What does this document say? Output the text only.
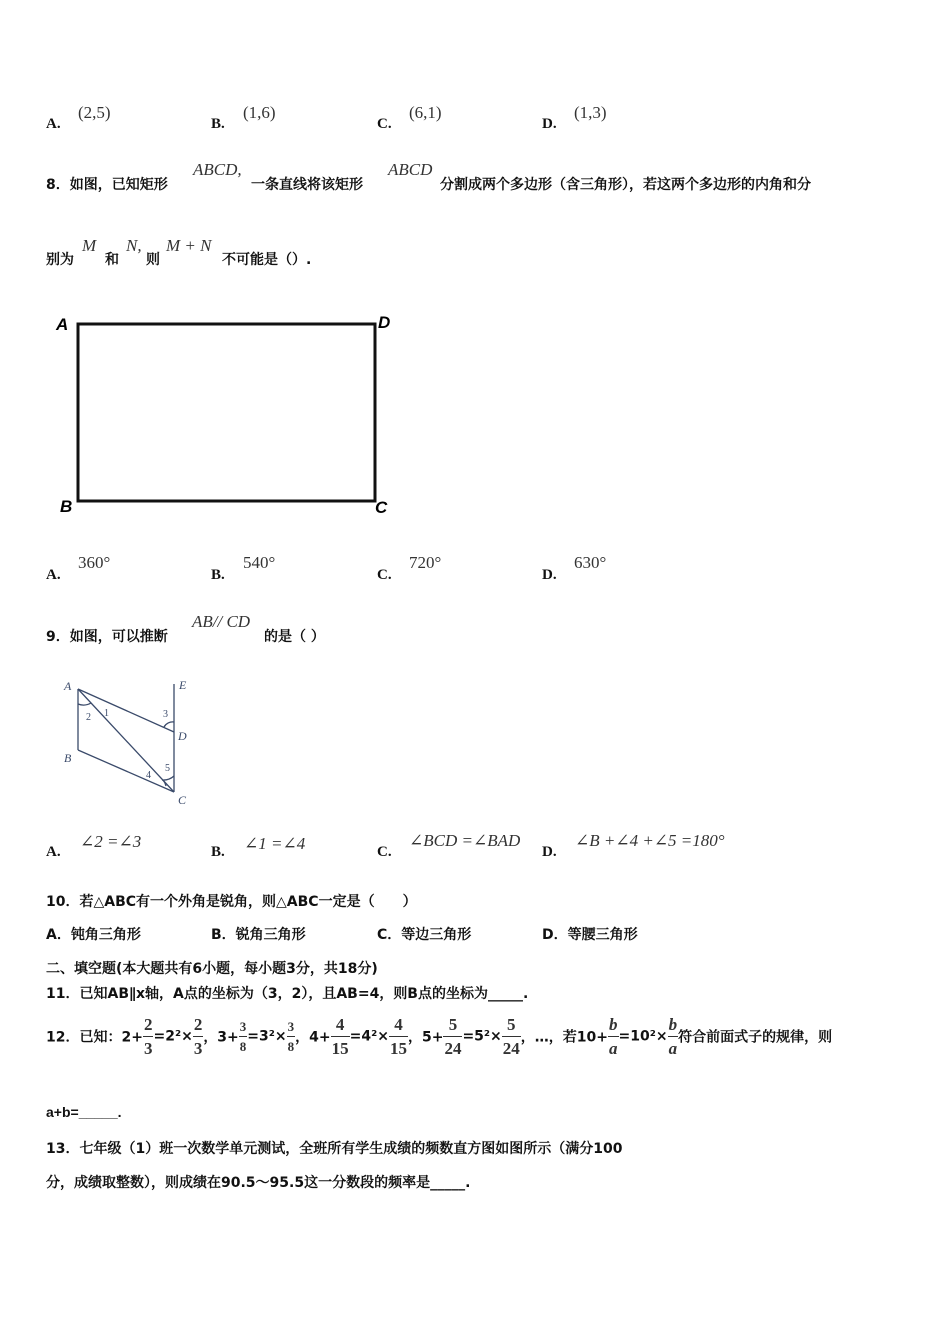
A.
(2,5)
B.
(1,6)
C.
(6,1)
D.
(1,3)
8．如图，已知矩形
ABCD,
一条直线将该矩形
ABCD
分割成两个多边形（含三角形），若这两个多边形的内角和分
别为
M
和
N,
则
M + N
不可能是（）.
A	D
B	C
A.
360°
B.
540°
C.
720°
D.
630°
9．如图，可以推断
AB// CD
的是（ ）
A
B
C
D
E
1
2	3
4
5
A.
∠2 =∠3
B. ∠1 =∠4	C.
∠BCD =∠BAD
D.
∠B +∠4 +∠5 =180°
10．若△ABC有一个外角是锐角，则△ABC一定是（　　）
A．钝角三角形	B．锐角三角形	C．等边三角形	D．等腰三角形
二、填空题(本大题共有6小题，每小题3分，共18分)
11．已知AB∥x轴，A点的坐标为（3，2），且AB=4，则B点的坐标为_____.
12．已知：$2+ \frac{2}{3} =2^2\times \frac{2}{3}$ ，$3+ \frac{3}{8} =3^2\times \frac{3}{8}$ ，$4+ \frac{4}{15} =4^2\times \frac{4}{15}$ ，$5+ \frac{5}{24} =5^2\times \frac{5}{24}$ ，…，若$10+ \frac{b}{a} =10^2\times \frac{b}{a}$ 符合前面式子的规律，则
a+b=_____.
13．七年级（1）班一次数学单元测试，全班所有学生成绩的频数直方图如图所示（满分100
分，成绩取整数），则成绩在90.5～95.5这一分数段的频率是_____.
